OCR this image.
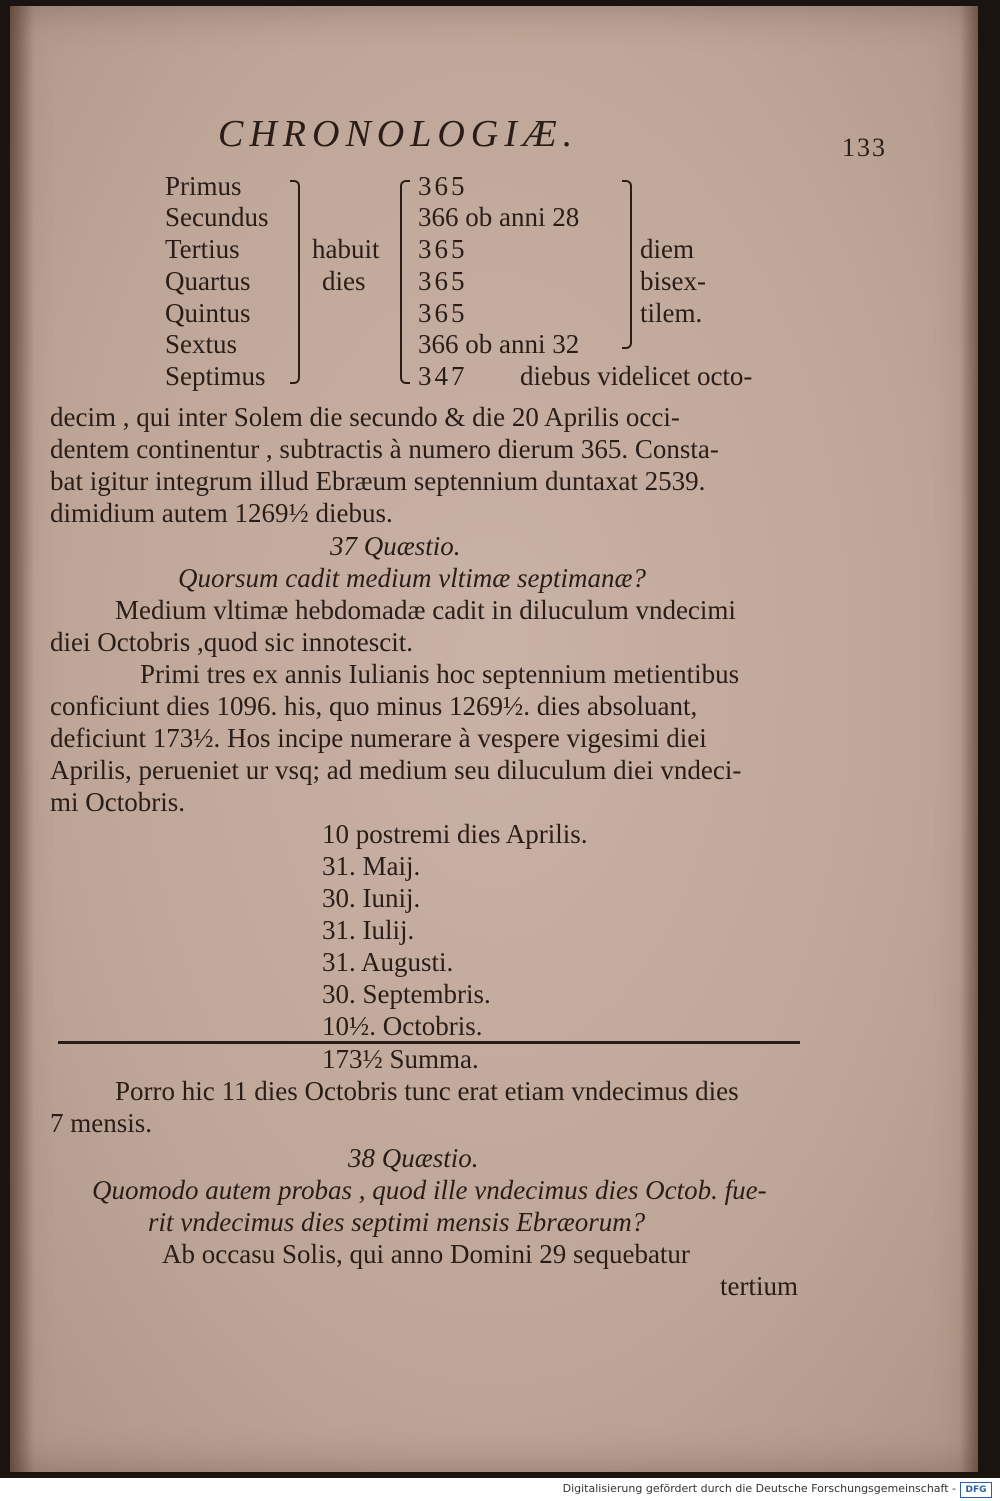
CHRONOLOGIÆ.	133
Primus
Secundus
Tertius
Quartus
Quintus
Sextus
Septimus
habuit
dies
365
366 ob anni 28
365
365
365
366 ob anni 32
347 diebus videlicet octo-
diem
bisex-
tilem.
decim , qui inter Solem die secundo & die 20 Aprilis occi-
dentem continentur , subtractis à numero dierum 365. Consta-
bat igitur integrum illud Ebræum septennium duntaxat 2539.
dimidium autem 1269½ diebus.
37 Quæstio.
Quorsum cadit medium vltimæ septimanæ?
Medium vltimæ hebdomadæ cadit in diluculum vndecimi
diei Octobris ,quod sic innotescit.
Primi tres ex annis Iulianis hoc septennium metientibus
conficiunt dies 1096. his, quo minus 1269½. dies absoluant,
deficiunt 173½. Hos incipe numerare à vespere vigesimi diei
Aprilis, perueniet ur vsq; ad medium seu diluculum diei vndeci-
mi Octobris.
10 postremi dies Aprilis.
31. Maij.
30. Iunij.
31. Iulij.
31. Augusti.
30. Septembris.
10½. Octobris.
173½ Summa.
Porro hic 11 dies Octobris tunc erat etiam vndecimus dies
7 mensis.
38 Quæstio.
Quomodo autem probas , quod ille vndecimus dies Octob. fue-
rit vndecimus dies septimi mensis Ebræorum?
Ab occasu Solis, qui anno Domini 29 sequebatur
tertium
Digitalisierung gefördert durch die Deutsche Forschungsgemeinschaft -	DFG
